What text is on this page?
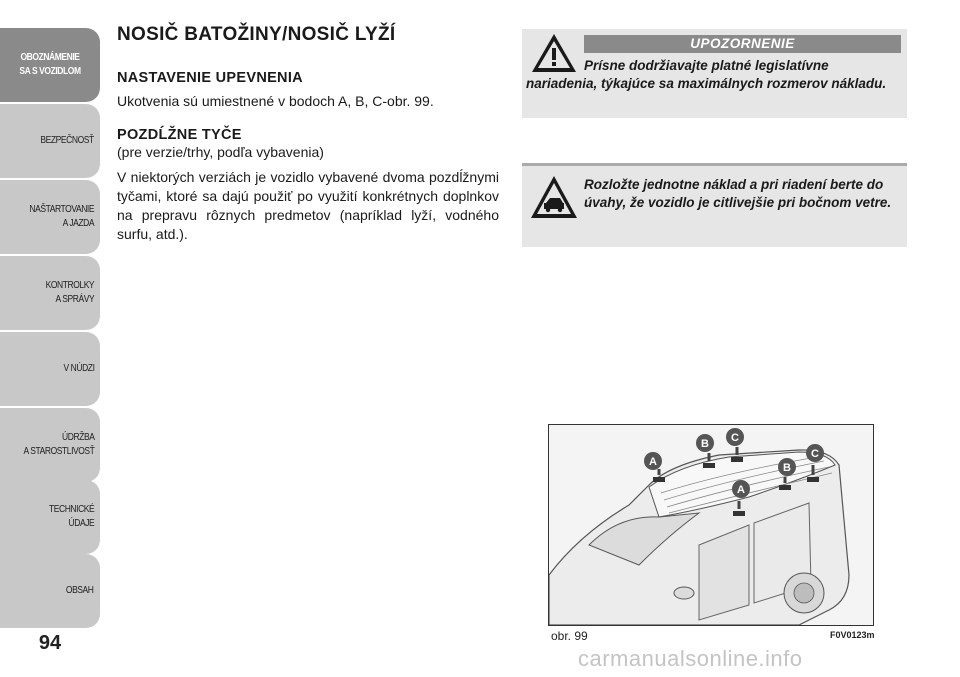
OBOZNÁMENIE
SA S VOZIDLOM
BEZPEČNOSŤ
NAŠTARTOVANIE
A JAZDA
KONTROLKY
A SPRÁVY
V NÚDZI
ÚDRŽBA
A STAROSTLIVOSŤ
TECHNICKÉ
ÚDAJE
OBSAH
94
NOSIČ BATOŽINY/NOSIČ LYŽÍ

NASTAVENIE UPEVNENIA

Ukotvenia sú umiestnené v bodoch A, B, C-obr. 99.

POZDĹŽNE TYČE

(pre verzie/trhy, podľa vybavenia)

V niektorých verziách je vozidlo vybavené dvoma pozdĺžnymi tyčami, ktoré sa dajú použiť po využití konkrétnych doplnkov na prepravu rôznych predmetov (napríklad lyží, vodného surfu, atd.).

UPOZORNENIE
Prísne dodržiavajte platné legislatívne nariadenia, týkajúce sa maximálnych rozmerov nákladu.
Rozložte jednotne náklad a pri riadení berte do úvahy, že vozidlo je citlivejšie pri bočnom vetre.
A
B C
A
B
C
obr. 99	F0V0123m
carmanualsonline.info
